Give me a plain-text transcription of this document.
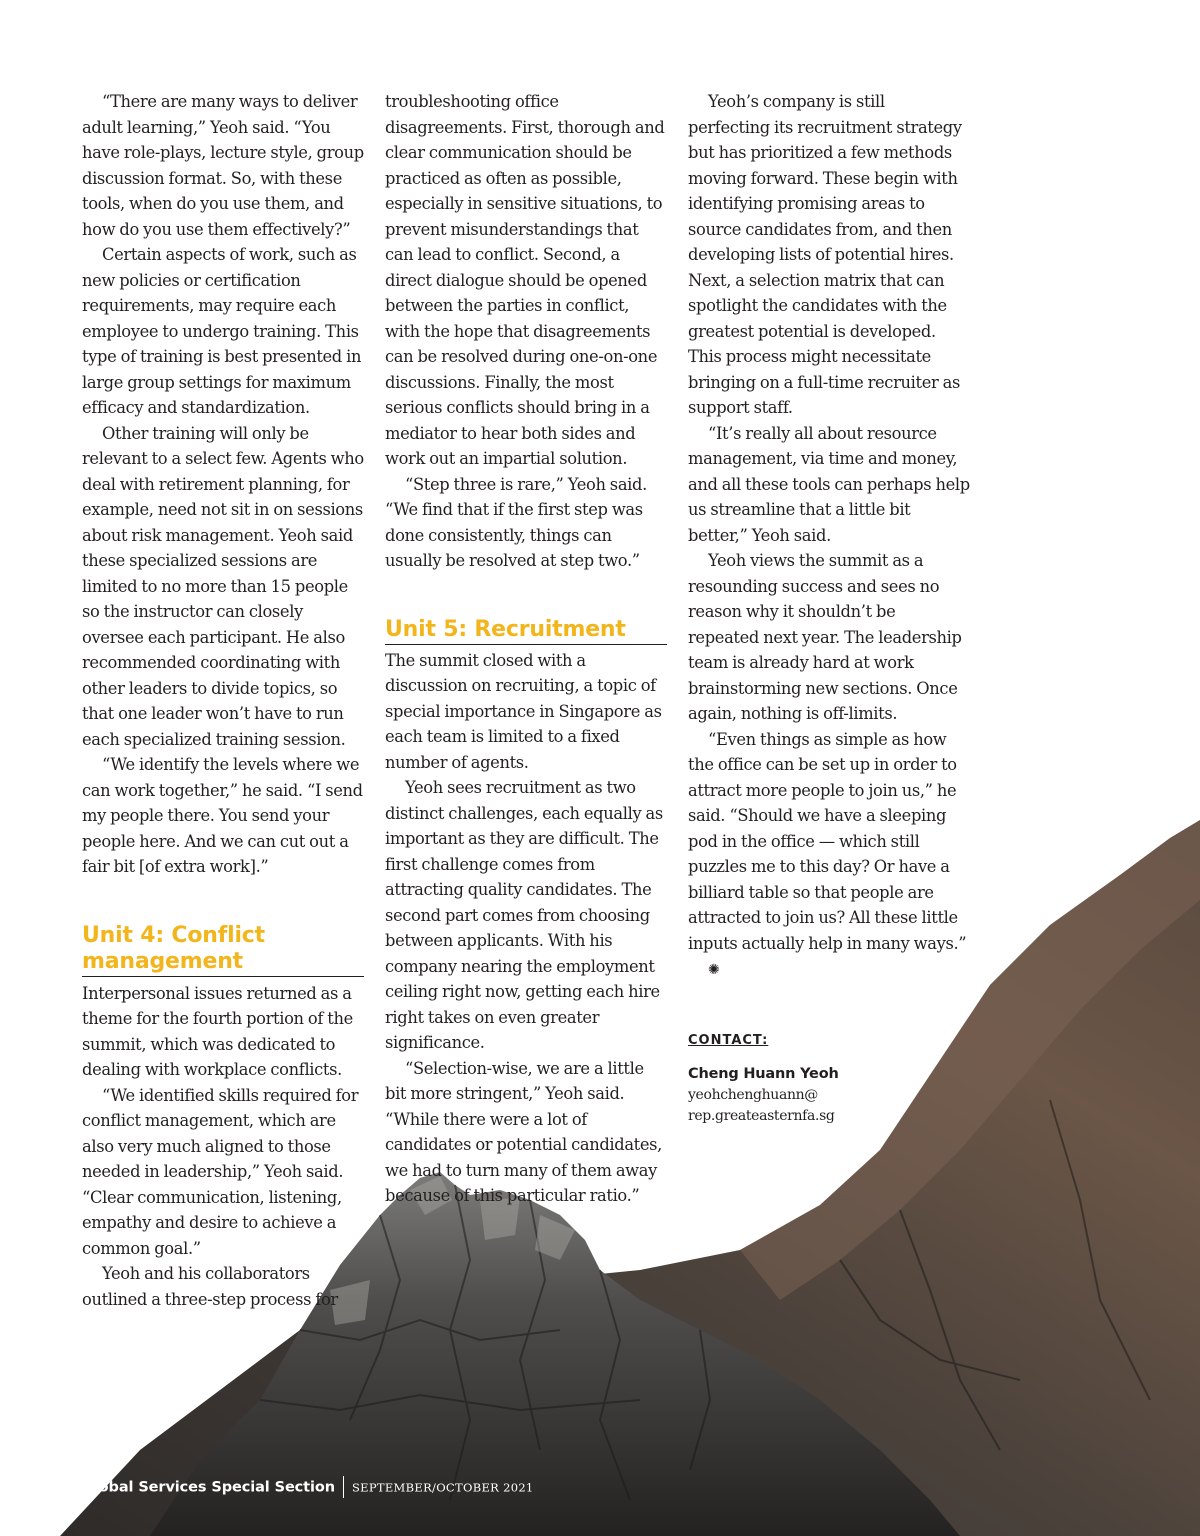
“There are many ways to deliver adult learning,” Yeoh said. “You have role-plays, lecture style, group discussion format. So, with these tools, when do you use them, and how do you use them effectively?”

Certain aspects of work, such as new policies or certification requirements, may require each employee to undergo training. This type of training is best presented in large group settings for maximum efficacy and standardization.

Other training will only be relevant to a select few. Agents who deal with retirement planning, for example, need not sit in on sessions about risk management. Yeoh said these specialized sessions are limited to no more than 15 people so the instructor can closely oversee each participant. He also recommended coordinating with other leaders to divide topics, so that one leader won’t have to run each specialized training session.

“We identify the levels where we can work together,” he said. “I send my people there. You send your people here. And we can cut out a fair bit [of extra work].”

Unit 4: Conflict management

Interpersonal issues returned as a theme for the fourth portion of the summit, which was dedicated to dealing with workplace conflicts.

“We identified skills required for conflict management, which are also very much aligned to those needed in leadership,” Yeoh said. “Clear communication, listening, empathy and desire to achieve a common goal.”

Yeoh and his collaborators outlined a three-step process for

troubleshooting office disagreements. First, thorough and clear communication should be practiced as often as possible, especially in sensitive situations, to prevent misunderstandings that can lead to conflict. Second, a direct dialogue should be opened between the parties in conflict, with the hope that disagreements can be resolved during one-on-one discussions. Finally, the most serious conflicts should bring in a mediator to hear both sides and work out an impartial solution.

“Step three is rare,” Yeoh said. “We find that if the first step was done consistently, things can usually be resolved at step two.”

Unit 5: Recruitment

The summit closed with a discussion on recruiting, a topic of special importance in Singapore as each team is limited to a fixed number of agents.

Yeoh sees recruitment as two distinct challenges, each equally as important as they are difficult. The first challenge comes from attracting quality candidates. The second part comes from choosing between applicants. With his company nearing the employment ceiling right now, getting each hire right takes on even greater significance.

“Selection-wise, we are a little bit more stringent,” Yeoh said. “While there were a lot of candidates or potential candidates, we had to turn many of them away because of this particular ratio.”

Yeoh’s company is still perfecting its recruitment strategy but has prioritized a few methods moving forward. These begin with identifying promising areas to source candidates from, and then developing lists of potential hires. Next, a selection matrix that can spotlight the candidates with the greatest potential is developed. This process might necessitate bringing on a full-time recruiter as support staff.

“It’s really all about resource management, via time and money, and all these tools can perhaps help us streamline that a little bit better,” Yeoh said.

Yeoh views the summit as a resounding success and sees no reason why it shouldn’t be repeated next year. The leadership team is already hard at work brainstorming new sections. Once again, nothing is off-limits.

“Even things as simple as how the office can be set up in order to attract more people to join us,” he said. “Should we have a sleeping pod in the office — which still puzzles me to this day? Or have a billiard table so that people are attracted to join us? All these little inputs actually help in many ways.” ✺

CONTACT:
Cheng Huann Yeoh
yeohchenghuann@
rep.greateasternfa.sg
Global Services Special Section SEPTEMBER/OCTOBER 2021
